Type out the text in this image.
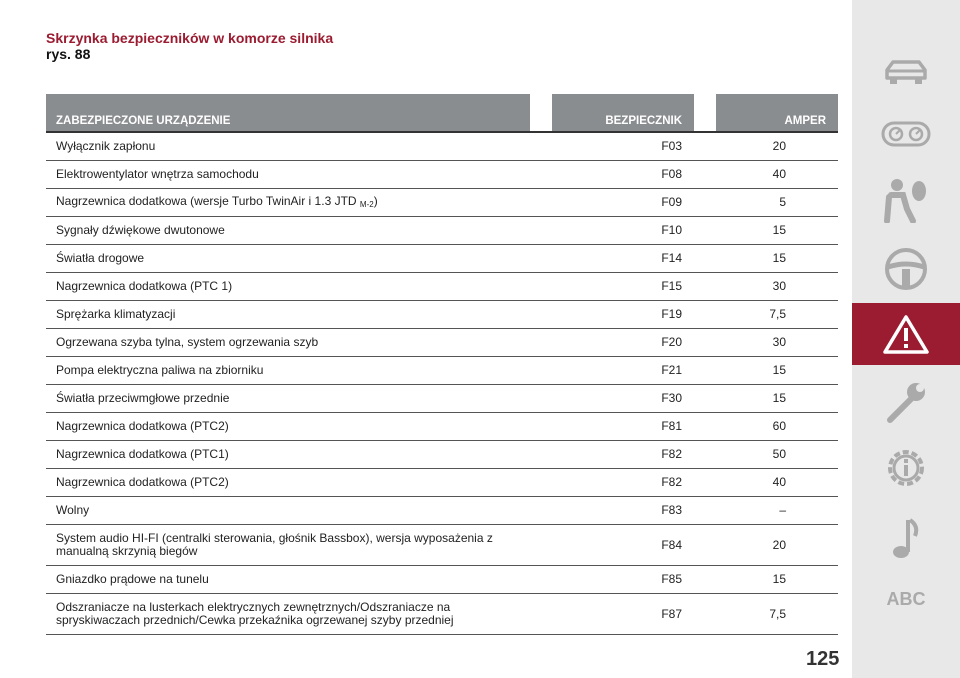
Skrzynka bezpieczników w komorze silnika
rys. 88
ZABEZPIECZONE URZĄDZENIE		BEZPIECZNIK		AMPER
Wyłącznik zapłonu		F03		20
Elektrowentylator wnętrza samochodu		F08		40
Nagrzewnica dodatkowa (wersje Turbo TwinAir i 1.3 JTD $_{M-2}$)		F09		5
Sygnały dźwiękowe dwutonowe		F10		15
Światła drogowe		F14		15
Nagrzewnica dodatkowa (PTC 1)		F15		30
Sprężarka klimatyzacji		F19		7,5
Ogrzewana szyba tylna, system ogrzewania szyb		F20		30
Pompa elektryczna paliwa na zbiorniku		F21		15
Światła przeciwmgłowe przednie		F30		15
Nagrzewnica dodatkowa (PTC2)		F81		60
Nagrzewnica dodatkowa (PTC1)		F82		50
Nagrzewnica dodatkowa (PTC2)		F82		40
Wolny		F83		–
System audio HI-FI (centralki sterowania, głośnik Bassbox), wersja wyposażenia z manualną skrzynią biegów		F84		20
Gniazdko prądowe na tunelu		F85		15
Odszraniacze na lusterkach elektrycznych zewnętrznych/Odszraniacze na spryskiwaczach przednich/Cewka przekaźnika ogrzewanej szyby przedniej		F87		7,5
ABC
125
